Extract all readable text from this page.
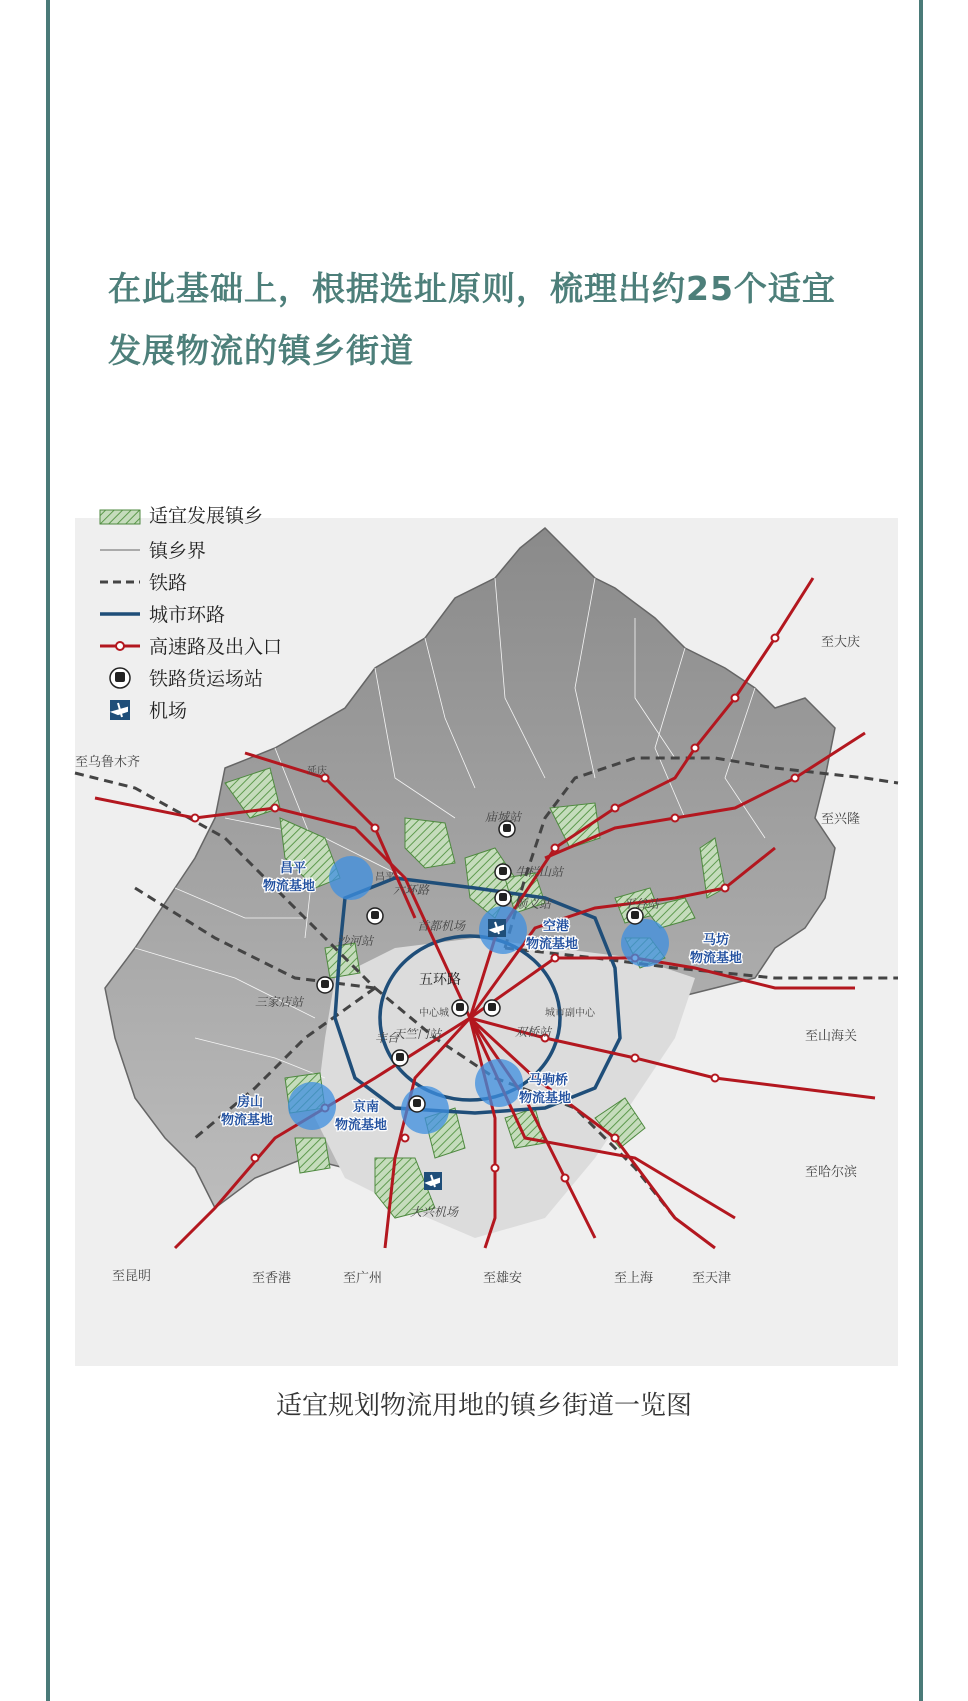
在此基础上，根据选址原则，梳理出约25个适宜
发展物流的镇乡街道
适宜发展镇乡
镇乡界
铁路
城市环路
高速路及出入口
铁路货运场站
机场
至大庆
至乌鲁木齐
至兴隆
至山海关
至哈尔滨
至昆明	至香港	至广州	至雄安	至上海	至天津
昌平
物流基地
空港
物流基地	马坊
物流基地
房山
物流基地
京南
物流基地
马驹桥
物流基地
五环路
六环路
沙河站
三家店站
丰台
天竺门站	双桥站
顺义站
牛栏山站
庙城站
首都机场
大兴机场
平谷站
中心城	城市副中心
昌平
延庆
适宜规划物流用地的镇乡街道一览图
